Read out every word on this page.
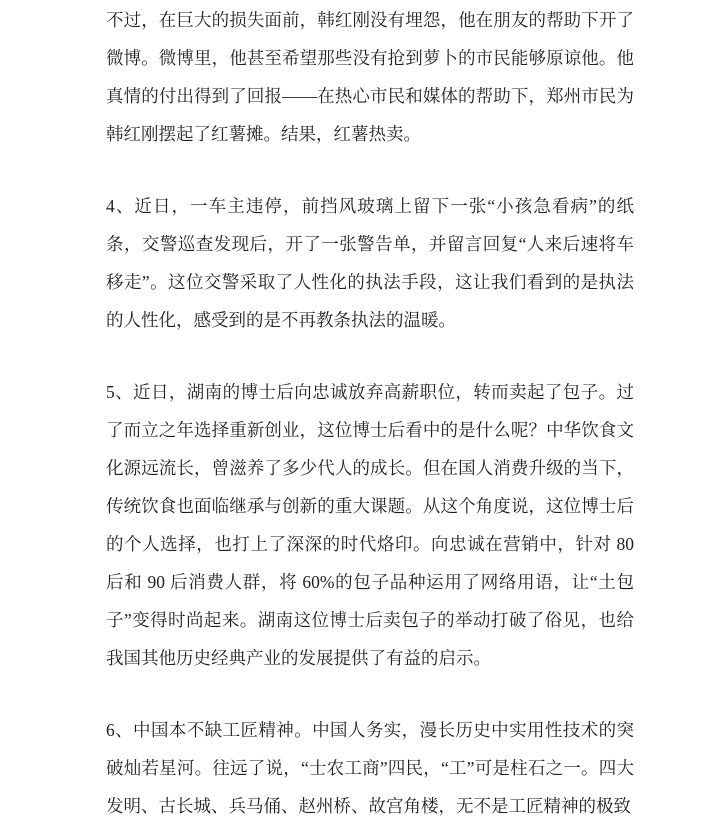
不过，在巨大的损失面前，韩红刚没有埋怨，他在朋友的帮助下开了微博。微博里，他甚至希望那些没有抢到萝卜的市民能够原谅他。他真情的付出得到了回报——在热心市民和媒体的帮助下，郑州市民为韩红刚摆起了红薯摊。结果，红薯热卖。

4、近日，一车主违停，前挡风玻璃上留下一张“小孩急看病”的纸条，交警巡查发现后，开了一张警告单，并留言回复“人来后速将车移走”。这位交警采取了人性化的执法手段，这让我们看到的是执法的人性化，感受到的是不再教条执法的温暖。

5、近日，湖南的博士后向忠诚放弃高薪职位，转而卖起了包子。过了而立之年选择重新创业，这位博士后看中的是什么呢？中华饮食文化源远流长，曾滋养了多少代人的成长。但在国人消费升级的当下，传统饮食也面临继承与创新的重大课题。从这个角度说，这位博士后的个人选择，也打上了深深的时代烙印。向忠诚在营销中，针对 80 后和 90 后消费人群，将 60%的包子品种运用了网络用语，让“土包子”变得时尚起来。湖南这位博士后卖包子的举动打破了俗见，也给我国其他历史经典产业的发展提供了有益的启示。

6、中国本不缺工匠精神。中国人务实，漫长历史中实用性技术的突破灿若星河。往远了说，“士农工商”四民，“工”可是柱石之一。四大发明、古长城、兵马俑、赵州桥、故宫角楼，无不是工匠精神的极致
